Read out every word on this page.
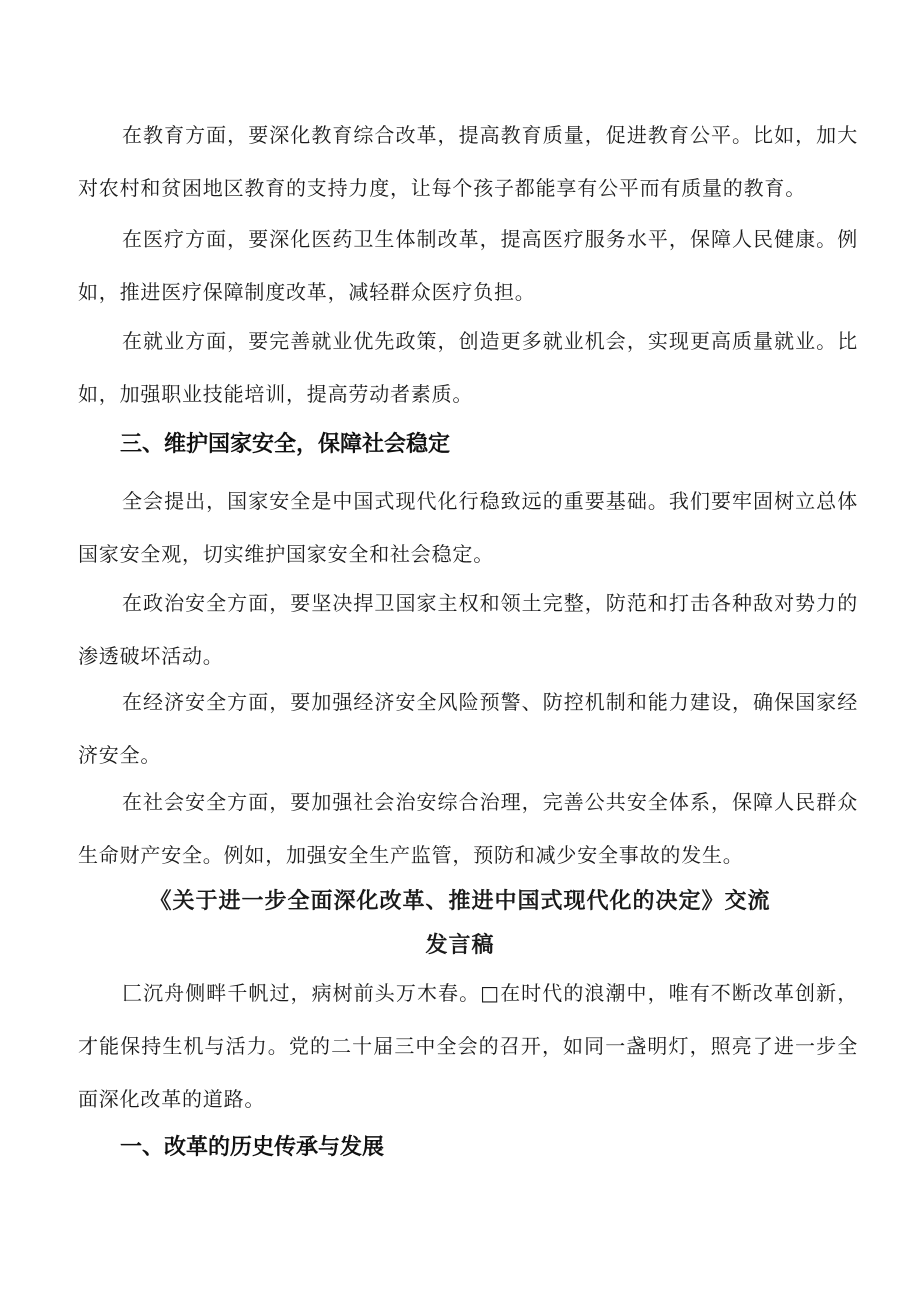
在教育方面，要深化教育综合改革，提高教育质量，促进教育公平。比如，加大对农村和贫困地区教育的支持力度，让每个孩子都能享有公平而有质量的教育。

在医疗方面，要深化医药卫生体制改革，提高医疗服务水平，保障人民健康。例如，推进医疗保障制度改革，减轻群众医疗负担。

在就业方面，要完善就业优先政策，创造更多就业机会，实现更高质量就业。比如，加强职业技能培训，提高劳动者素质。

三、维护国家安全，保障社会稳定

全会提出，国家安全是中国式现代化行稳致远的重要基础。我们要牢固树立总体国家安全观，切实维护国家安全和社会稳定。

在政治安全方面，要坚决捍卫国家主权和领土完整，防范和打击各种敌对势力的渗透破坏活动。

在经济安全方面，要加强经济安全风险预警、防控机制和能力建设，确保国家经济安全。

在社会安全方面，要加强社会治安综合治理，完善公共安全体系，保障人民群众生命财产安全。例如，加强安全生产监管，预防和减少安全事故的发生。

《关于进一步全面深化改革、推进中国式现代化的决定》交流
发言稿

匚沉舟侧畔千帆过，病树前头万木春。□在时代的浪潮中，唯有不断改革创新，才能保持生机与活力。党的二十届三中全会的召开，如同一盏明灯，照亮了进一步全面深化改革的道路。

一、改革的历史传承与发展
